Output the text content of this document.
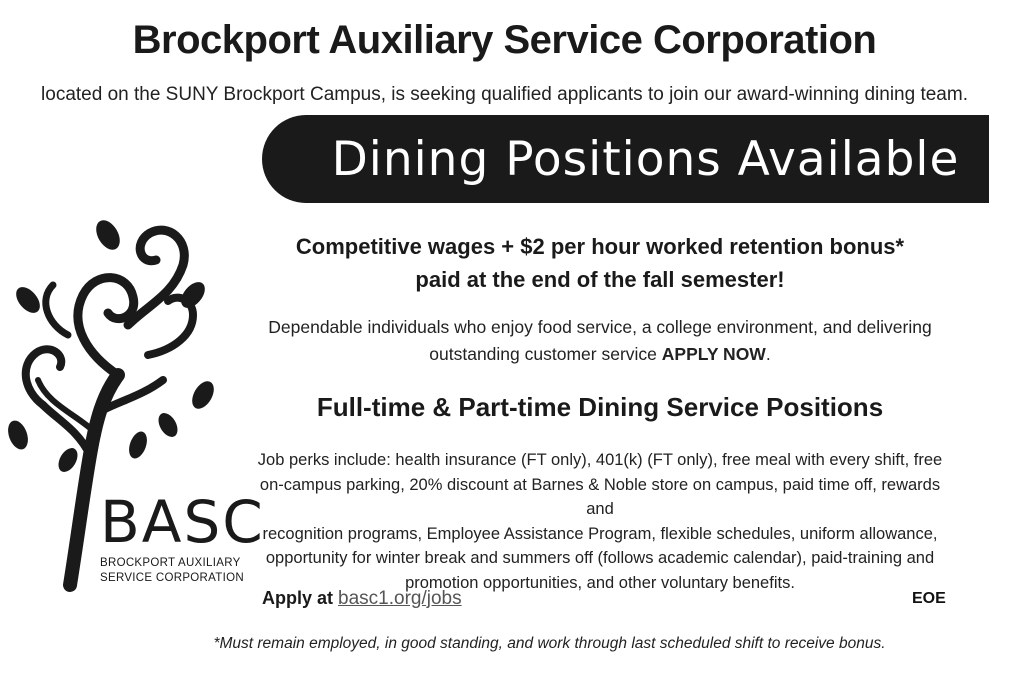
Brockport Auxiliary Service Corporation
located on the SUNY Brockport Campus, is seeking qualified applicants to join our award-winning dining team.
Dining Positions Available
BASC
BROCKPORT AUXILIARY
SERVICE CORPORATION
Competitive wages + $2 per hour worked retention bonus*
paid at the end of the fall semester!
Dependable individuals who enjoy food service, a college environment, and delivering outstanding customer service APPLY NOW.
Full-time & Part-time Dining Service Positions
Job perks include: health insurance (FT only), 401(k) (FT only), free meal with every shift, free
on-campus parking, 20% discount at Barnes & Noble store on campus, paid time off, rewards and
recognition programs, Employee Assistance Program, flexible schedules, uniform allowance,
opportunity for winter break and summers off (follows academic calendar), paid-training and
promotion opportunities, and other voluntary benefits.
Apply at basc1.org/jobs	EOE
*Must remain employed, in good standing, and work through last scheduled shift to receive bonus.
